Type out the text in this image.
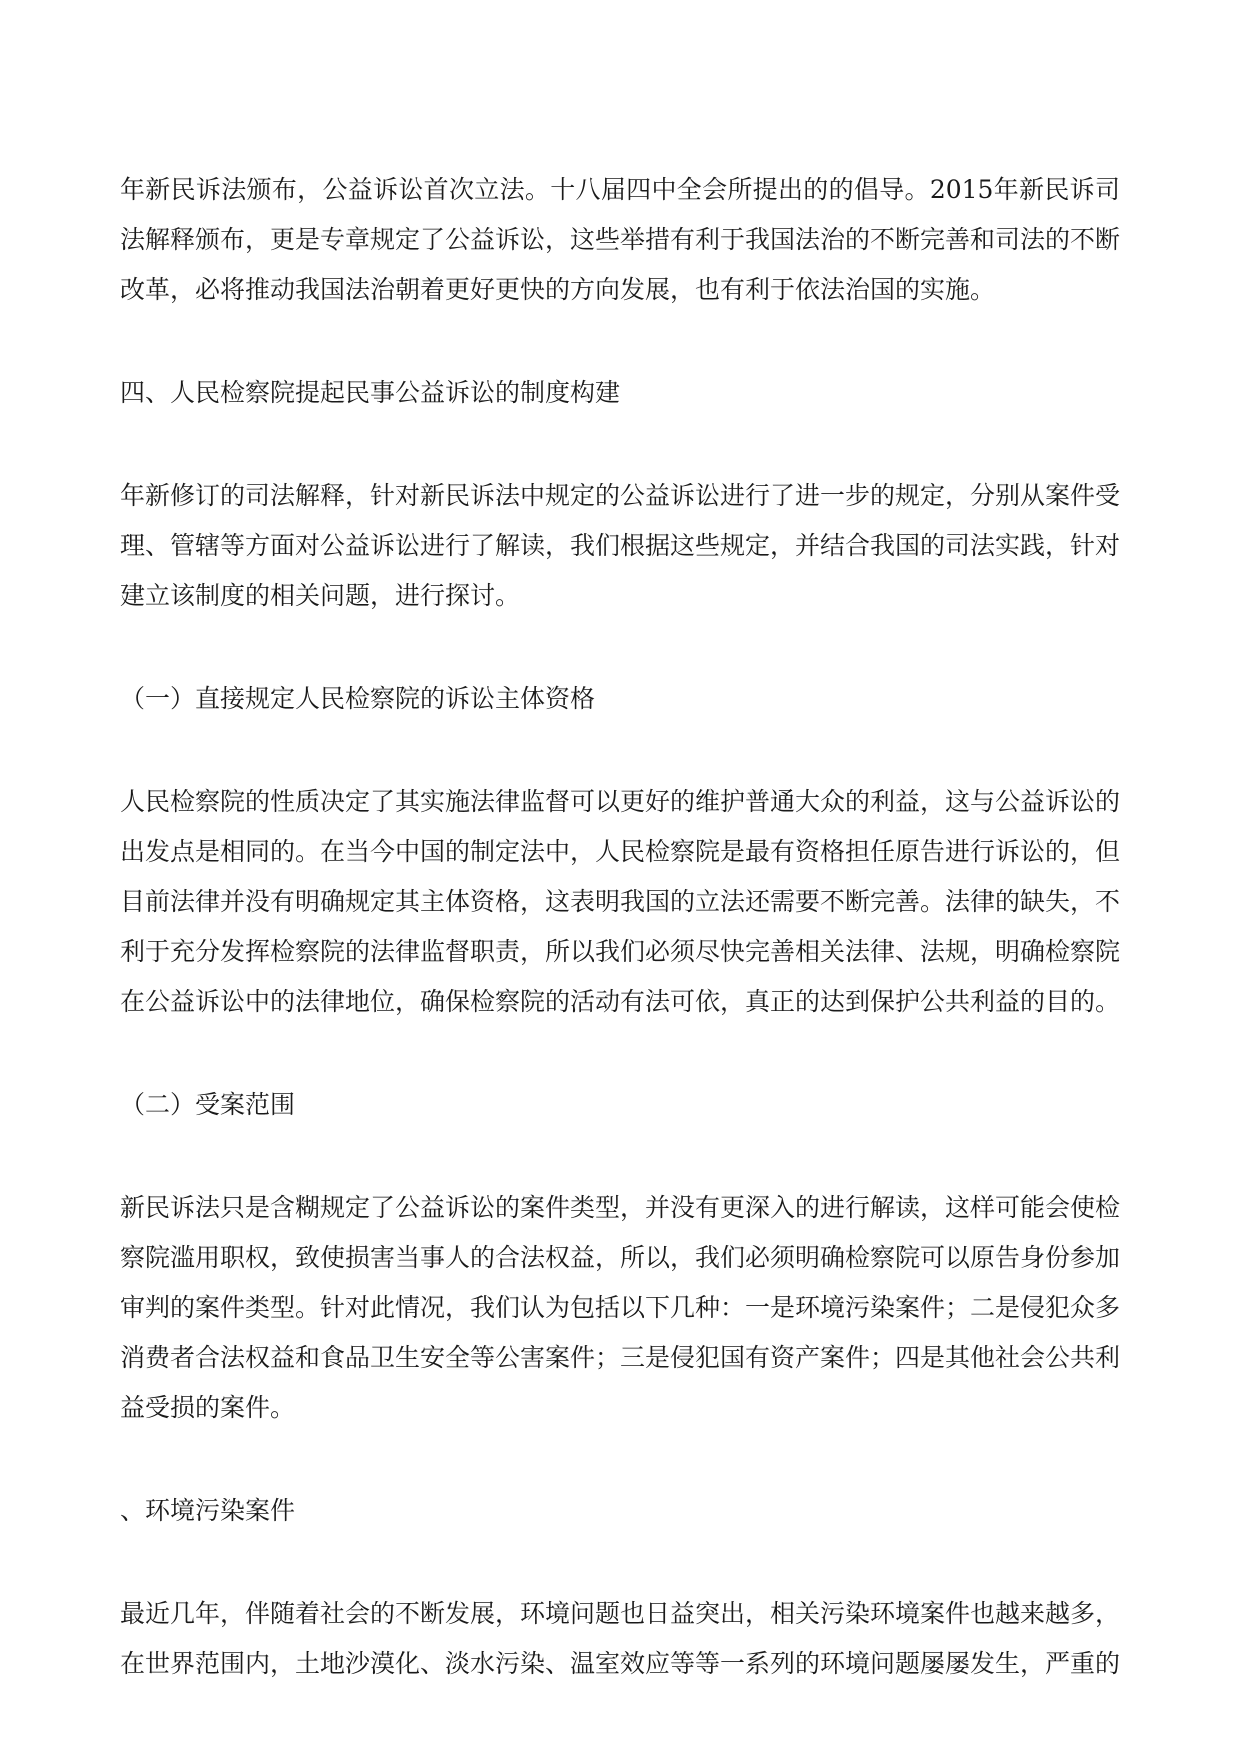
年新民诉法颁布，公益诉讼首次立法。十八届四中全会所提出的的倡导。2015年新民诉司法解释颁布，更是专章规定了公益诉讼，这些举措有利于我国法治的不断完善和司法的不断改革，必将推动我国法治朝着更好更快的方向发展，也有利于依法治国的实施。

四、人民检察院提起民事公益诉讼的制度构建

年新修订的司法解释，针对新民诉法中规定的公益诉讼进行了进一步的规定，分别从案件受理、管辖等方面对公益诉讼进行了解读，我们根据这些规定，并结合我国的司法实践，针对建立该制度的相关问题，进行探讨。

（一）直接规定人民检察院的诉讼主体资格

人民检察院的性质决定了其实施法律监督可以更好的维护普通大众的利益，这与公益诉讼的出发点是相同的。在当今中国的制定法中，人民检察院是最有资格担任原告进行诉讼的，但目前法律并没有明确规定其主体资格，这表明我国的立法还需要不断完善。法律的缺失，不利于充分发挥检察院的法律监督职责，所以我们必须尽快完善相关法律、法规，明确检察院在公益诉讼中的法律地位，确保检察院的活动有法可依，真正的达到保护公共利益的目的。

（二）受案范围

新民诉法只是含糊规定了公益诉讼的案件类型，并没有更深入的进行解读，这样可能会使检察院滥用职权，致使损害当事人的合法权益，所以，我们必须明确检察院可以原告身份参加审判的案件类型。针对此情况，我们认为包括以下几种：一是环境污染案件；二是侵犯众多消费者合法权益和食品卫生安全等公害案件；三是侵犯国有资产案件；四是其他社会公共利益受损的案件。

、环境污染案件

最近几年，伴随着社会的不断发展，环境问题也日益突出，相关污染环境案件也越来越多，在世界范围内，土地沙漠化、淡水污染、温室效应等等一系列的环境问题屡屡发生，严重的
